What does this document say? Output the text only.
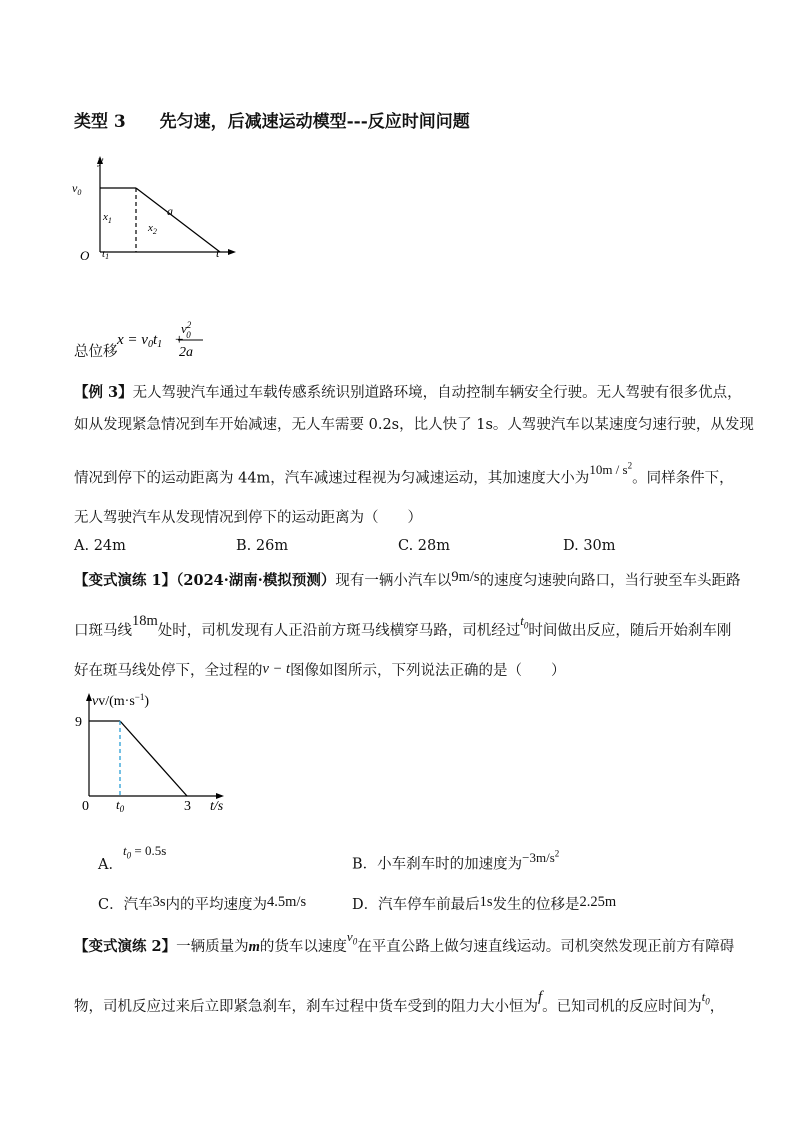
类型 3 先匀速，后减速运动模型---反应时间问题
y
$v_0$
$x_1$
$x_2$
a
O t1	t
总位移
$x = v_0t_1$ +
$v^2$ 0
2a
【例 3】无人驾驶汽车通过车载传感系统识别道路环境，自动控制车辆安全行驶。无人驾驶有很多优点，
如从发现紧急情况到车开始减速，无人车需要 0.2s，比人快了 1s。人驾驶汽车以某速度匀速行驶，从发现
情况到停下的运动距离为 44m，汽车减速过程视为匀减速运动，其加速度大小为$10m / s^2$。同样条件下，
无人驾驶汽车从发现情况到停下的运动距离为（　　）
A. 24m	B. 26m	C. 28m	D. 30m
【变式演练 1】（2024·湖南·模拟预测）现有一辆小汽车以9m/s的速度匀速驶向路口，当行驶至车头距路
口斑马线18m处时，司机发现有人正沿前方斑马线横穿马路，司机经过$t_0$时间做出反应，随后开始刹车刚
好在斑马线处停下，全过程的v − t图像如图所示，下列说法正确的是（　　）
$vv/(m\cdot s^{-1})$
9
0 $t_0$	3 t/s
A．$t_0 = 0.5s$
B．小车刹车时的加速度为$-3m/s^2$
C．汽车3s内的平均速度为4.5m/s	D．汽车停车前最后1s发生的位移是2.25m
【变式演练 2】一辆质量为m的货车以速度$v_0$在平直公路上做匀速直线运动。司机突然发现正前方有障碍
物，司机反应过来后立即紧急刹车，刹车过程中货车受到的阻力大小恒为f。已知司机的反应时间为$t_0$，
